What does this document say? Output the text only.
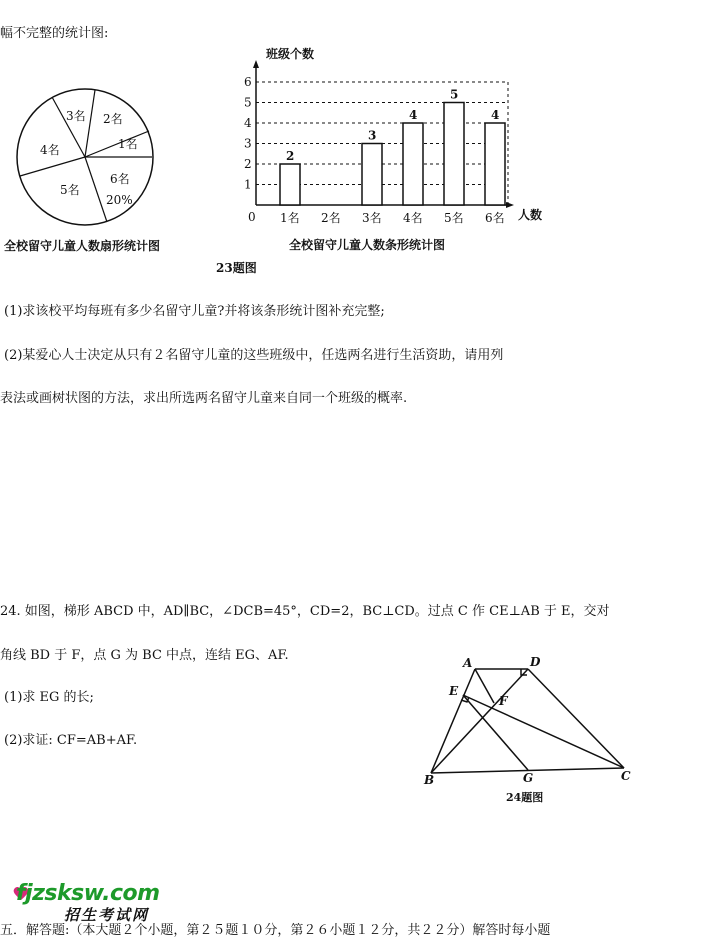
幅不完整的统计图:
3名 2名
1名
4名
5名
6名
20%
全校留守儿童人数扇形统计图
1
2
3
4
5
6
0
班级个数
人数
1名
2
2名 3名
3
4名
4
5名
5
6名
4
全校留守儿童人数条形统计图
23题图
(1)求该校平均每班有多少名留守儿童?并将该条形统计图补充完整;
(2)某爱心人士决定从只有２名留守儿童的这些班级中，任选两名进行生活资助，请用列
表法或画树状图的方法，求出所选两名留守儿童来自同一个班级的概率.
24. 如图，梯形 ABCD 中，AD∥BC，∠DCB=45°，CD=2，BC⊥CD。过点 C 作 CE⊥AB 于 E，交对
角线 BD 于 F，点 G 为 BC 中点，连结 EG、AF.
(1)求 EG 的长;
(2)求证: CF=AB+AF.
A	D
E
F
B	G	C
24题图
fjzsksw.com
招生考试网
五．解答题:（本大题２个小题，第２５题１０分，第２６小题１２分，共２２分）解答时每小题
